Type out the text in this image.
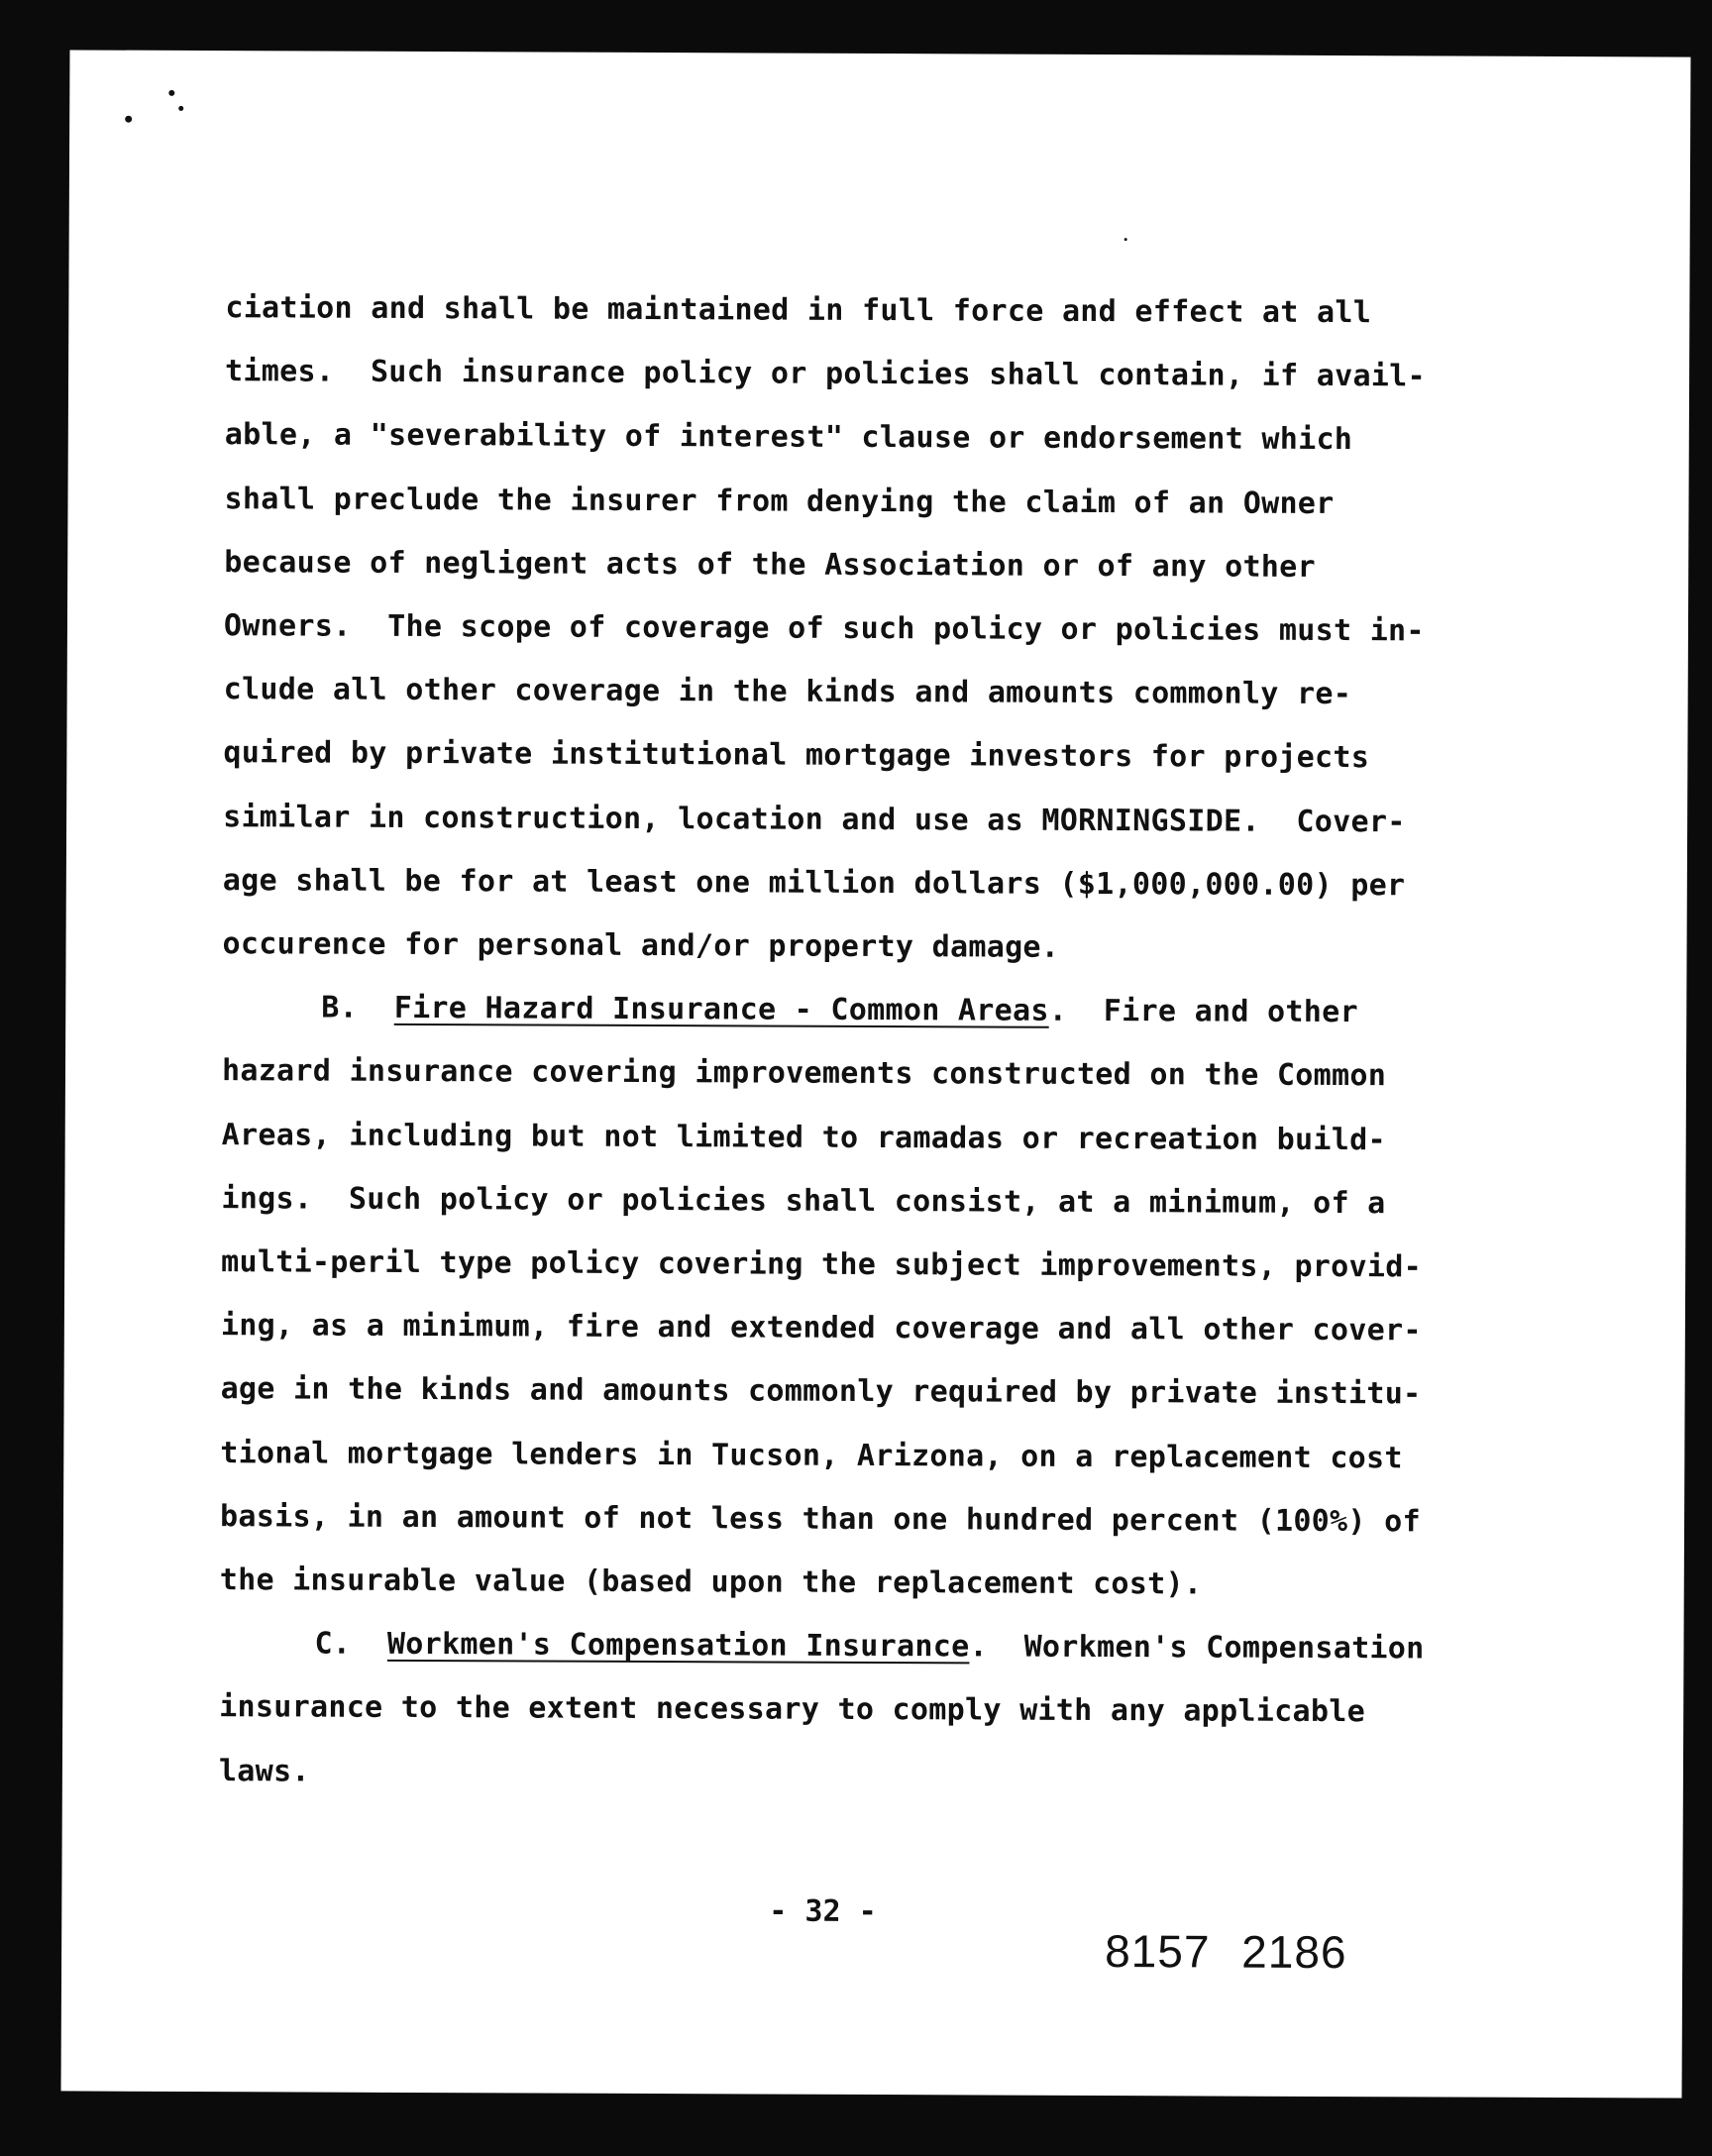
ciation and shall be maintained in full force and effect at all
times.  Such insurance policy or policies shall contain, if avail-
able, a "severability of interest" clause or endorsement which
shall preclude the insurer from denying the claim of an Owner
because of negligent acts of the Association or of any other
Owners.  The scope of coverage of such policy or policies must in-
clude all other coverage in the kinds and amounts commonly re-
quired by private institutional mortgage investors for projects
similar in construction, location and use as MORNINGSIDE.  Cover-
age shall be for at least one million dollars ($1,000,000.00) per
occurence for personal and/or property damage.
B. Fire Hazard Insurance - Common Areas.  Fire and other
hazard insurance covering improvements constructed on the Common
Areas, including but not limited to ramadas or recreation build-
ings.  Such policy or policies shall consist, at a minimum, of a
multi-peril type policy covering the subject improvements, provid-
ing, as a minimum, fire and extended coverage and all other cover-
age in the kinds and amounts commonly required by private institu-
tional mortgage lenders in Tucson, Arizona, on a replacement cost
basis, in an amount of not less than one hundred percent (100%) of
the insurable value (based upon the replacement cost).
C. Workmen's Compensation Insurance.  Workmen's Compensation
insurance to the extent necessary to comply with any applicable
laws.
- 32 -
8157 2186
